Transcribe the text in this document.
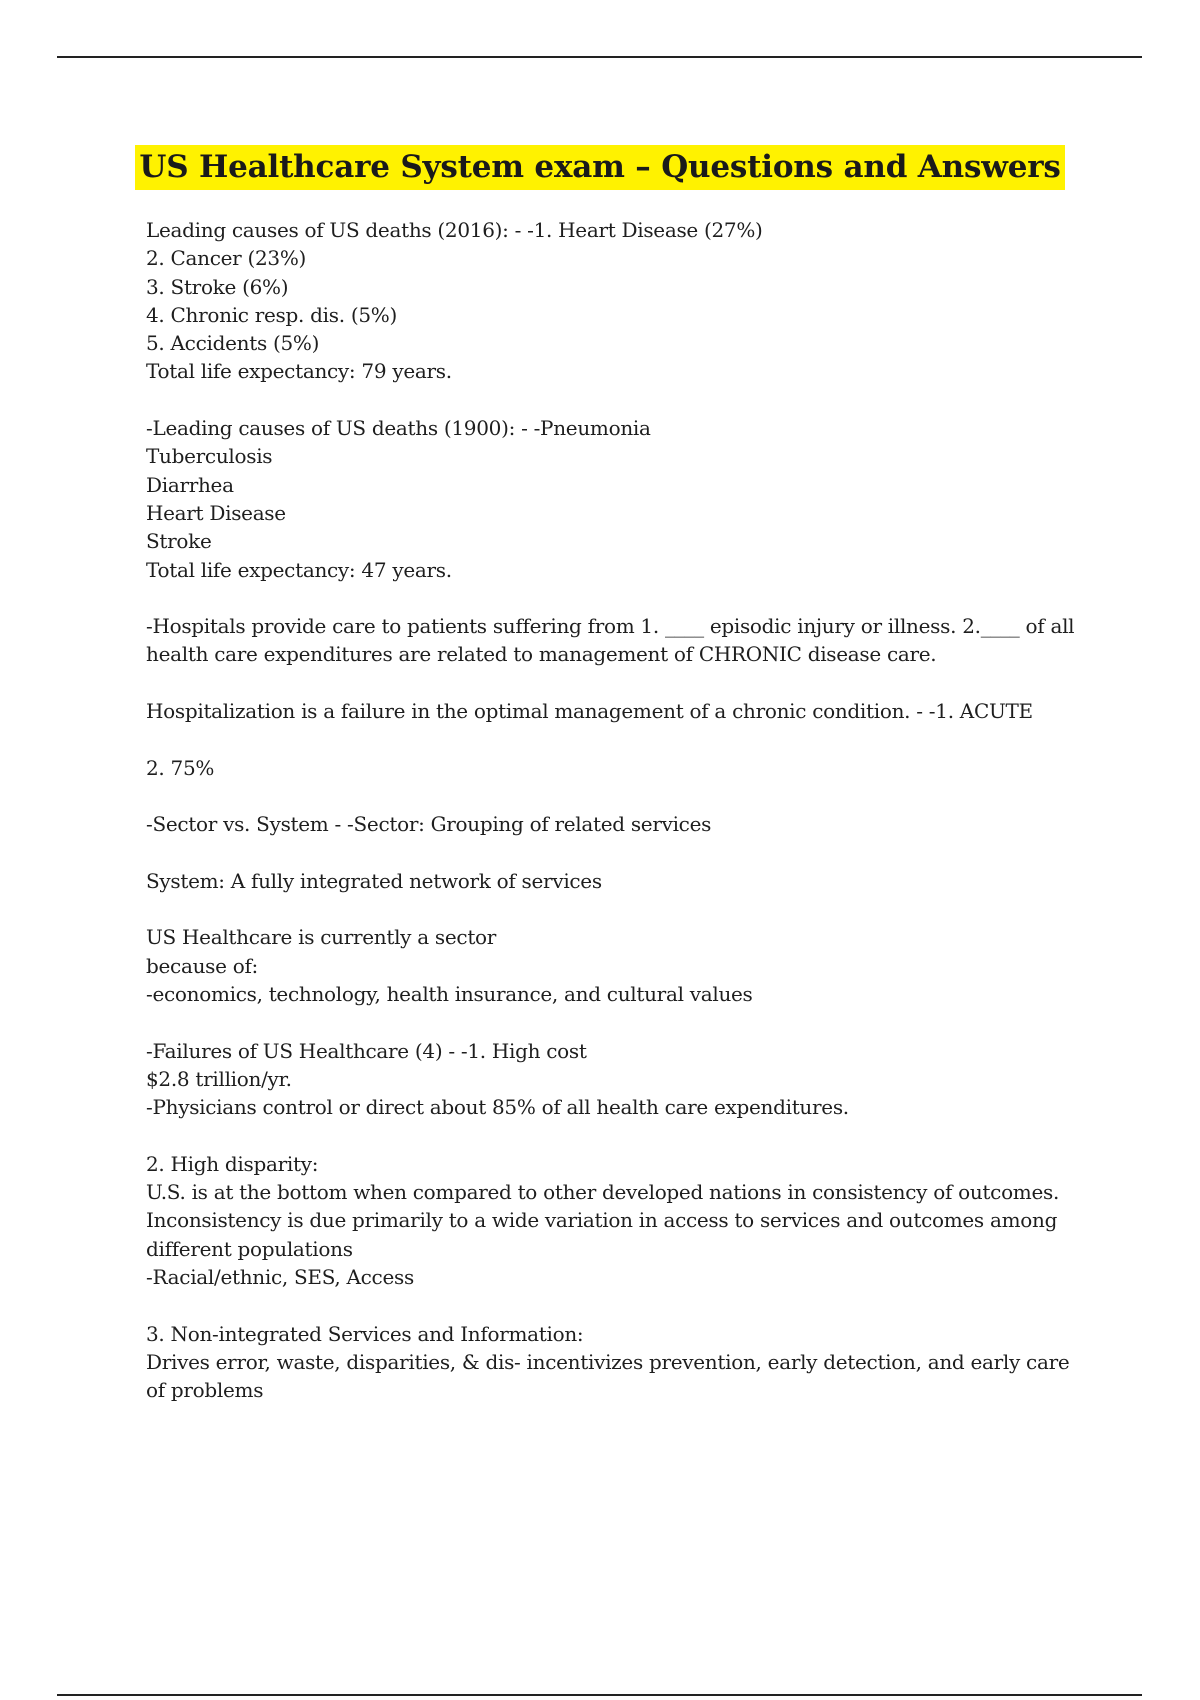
US Healthcare System exam – Questions and Answers

Leading causes of US deaths (2016): - -1. Heart Disease (27%)
2. Cancer (23%)
3. Stroke (6%)
4. Chronic resp. dis. (5%)
5. Accidents (5%)
Total life expectancy: 79 years.

-Leading causes of US deaths (1900): - -Pneumonia
Tuberculosis
Diarrhea
Heart Disease
Stroke
Total life expectancy: 47 years.

-Hospitals provide care to patients suffering from 1. ____ episodic injury or illness. 2.____ of all health care expenditures are related to management of CHRONIC disease care.

Hospitalization is a failure in the optimal management of a chronic condition. - -1. ACUTE

2. 75%

-Sector vs. System - -Sector: Grouping of related services

System: A fully integrated network of services

US Healthcare is currently a sector
because of:
-economics, technology, health insurance, and cultural values

-Failures of US Healthcare (4) - -1. High cost
$2.8 trillion/yr.
-Physicians control or direct about 85% of all health care expenditures.

2. High disparity:
U.S. is at the bottom when compared to other developed nations in consistency of outcomes. Inconsistency is due primarily to a wide variation in access to services and outcomes among different populations
-Racial/ethnic, SES, Access

3. Non-integrated Services and Information:
Drives error, waste, disparities, & dis- incentivizes prevention, early detection, and early care of problems
